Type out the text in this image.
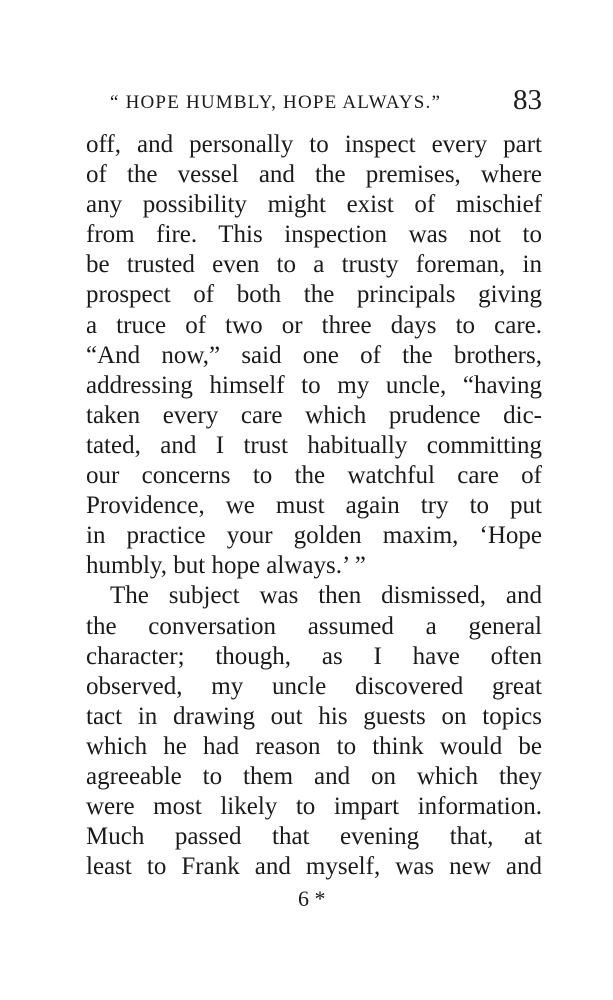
“ HOPE HUMBLY, HOPE ALWAYS.” 83
off, and personally to inspect every part
of the vessel and the premises, where
any possibility might exist of mischief
from fire. This inspection was not to
be trusted even to a trusty foreman, in
prospect of both the principals giving
a truce of two or three days to care.
“And now,” said one of the brothers,
addressing himself to my uncle, “having
taken every care which prudence dic-
tated, and I trust habitually committing
our concerns to the watchful care of
Providence, we must again try to put
in practice your golden maxim, ‘Hope
humbly, but hope always.’ ”
The subject was then dismissed, and
the conversation assumed a general
character; though, as I have often
observed, my uncle discovered great
tact in drawing out his guests on topics
which he had reason to think would be
agreeable to them and on which they
were most likely to impart information.
Much passed that evening that, at
least to Frank and myself, was new and
6 *
